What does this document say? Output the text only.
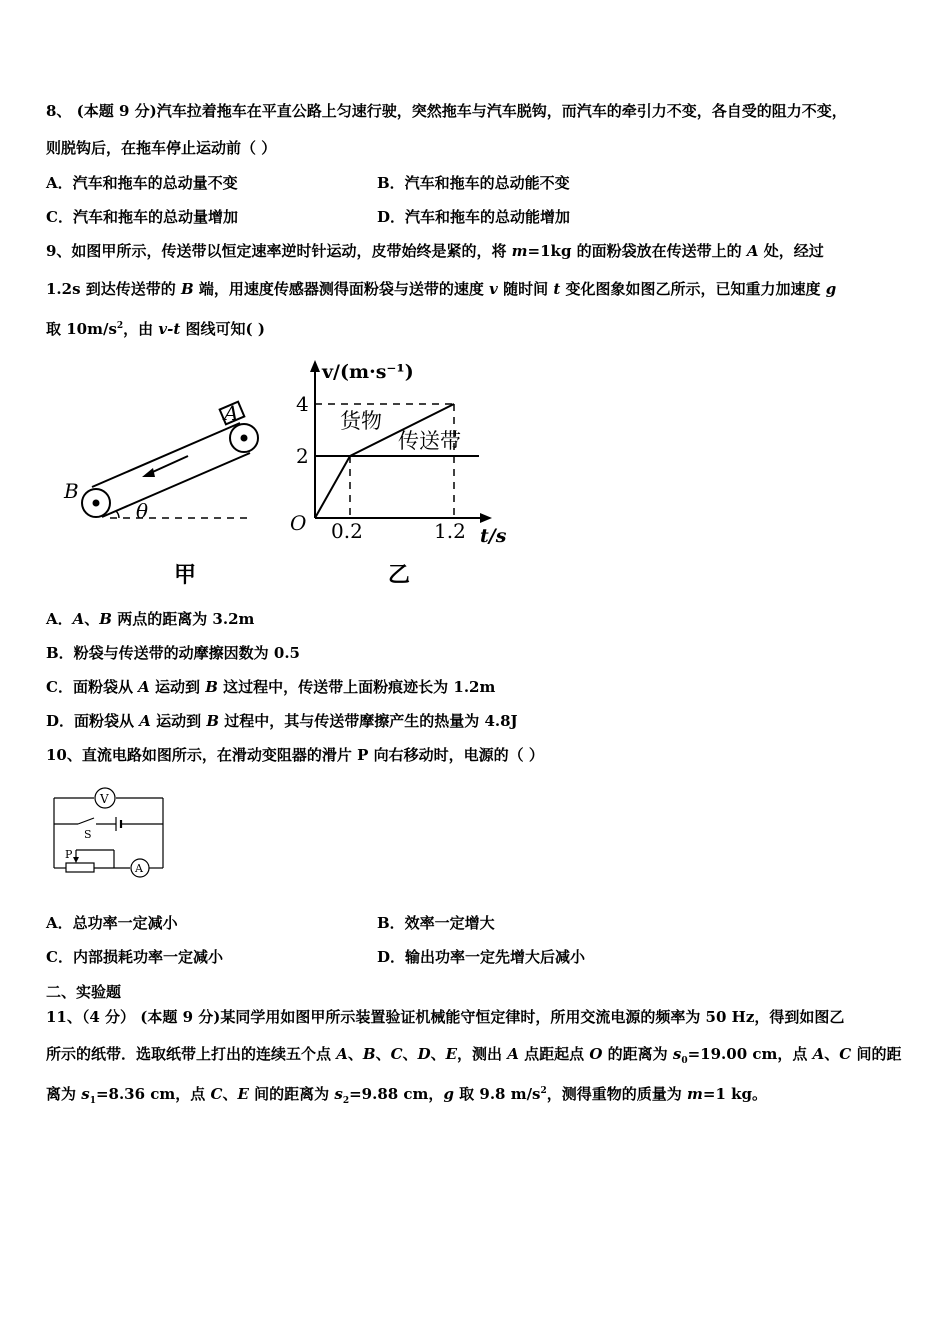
8、 (本题 9 分)汽车拉着拖车在平直公路上匀速行驶，突然拖车与汽车脱钩，而汽车的牵引力不变，各自受的阻力不变，
则脱钩后，在拖车停止运动前（ ）
A．汽车和拖车的总动量不变	B．汽车和拖车的总动能不变
C．汽车和拖车的总动量增加	D．汽车和拖车的总动能增加
9、如图甲所示，传送带以恒定速率逆时针运动，皮带始终是紧的，将 m=1kg 的面粉袋放在传送带上的 A 处，经过
1.2s 到达传送带的 B 端，用速度传感器测得面粉袋与送带的速度 v 随时间 t 变化图象如图乙所示，已知重力加速度 g
取 $10m/s^2$，由 v-t 图线可知( )
A
B
θ
甲
v/(m·s⁻¹)
t/s
O
2
4
0.2	1.2
货物
传送带
乙
A．A、B 两点的距离为 3.2m
B．粉袋与传送带的动摩擦因数为 0.5
C．面粉袋从 A 运动到 B 这过程中，传送带上面粉痕迹长为 1.2m
D．面粉袋从 A 运动到 B 过程中，其与传送带摩擦产生的热量为 4.8J
10、直流电路如图所示，在滑动变阻器的滑片 P 向右移动时，电源的（ ）
V
S
P
A
A．总功率一定减小	B．效率一定增大
C．内部损耗功率一定减小	D．输出功率一定先增大后减小
二、实验题
11、（4 分） (本题 9 分)某同学用如图甲所示装置验证机械能守恒定律时，所用交流电源的频率为 50 Hz，得到如图乙
所示的纸带．选取纸带上打出的连续五个点 A、B、C、D、E，测出 A 点距起点 O 的距离为 $s_0=19.00$ cm，点 A、C 间的距
离为 $s_1=8.36$ cm，点 C、E 间的距离为 $s_2=9.88$ cm，g 取 9.8 $m/s^2$，测得重物的质量为 m=1 kg。
